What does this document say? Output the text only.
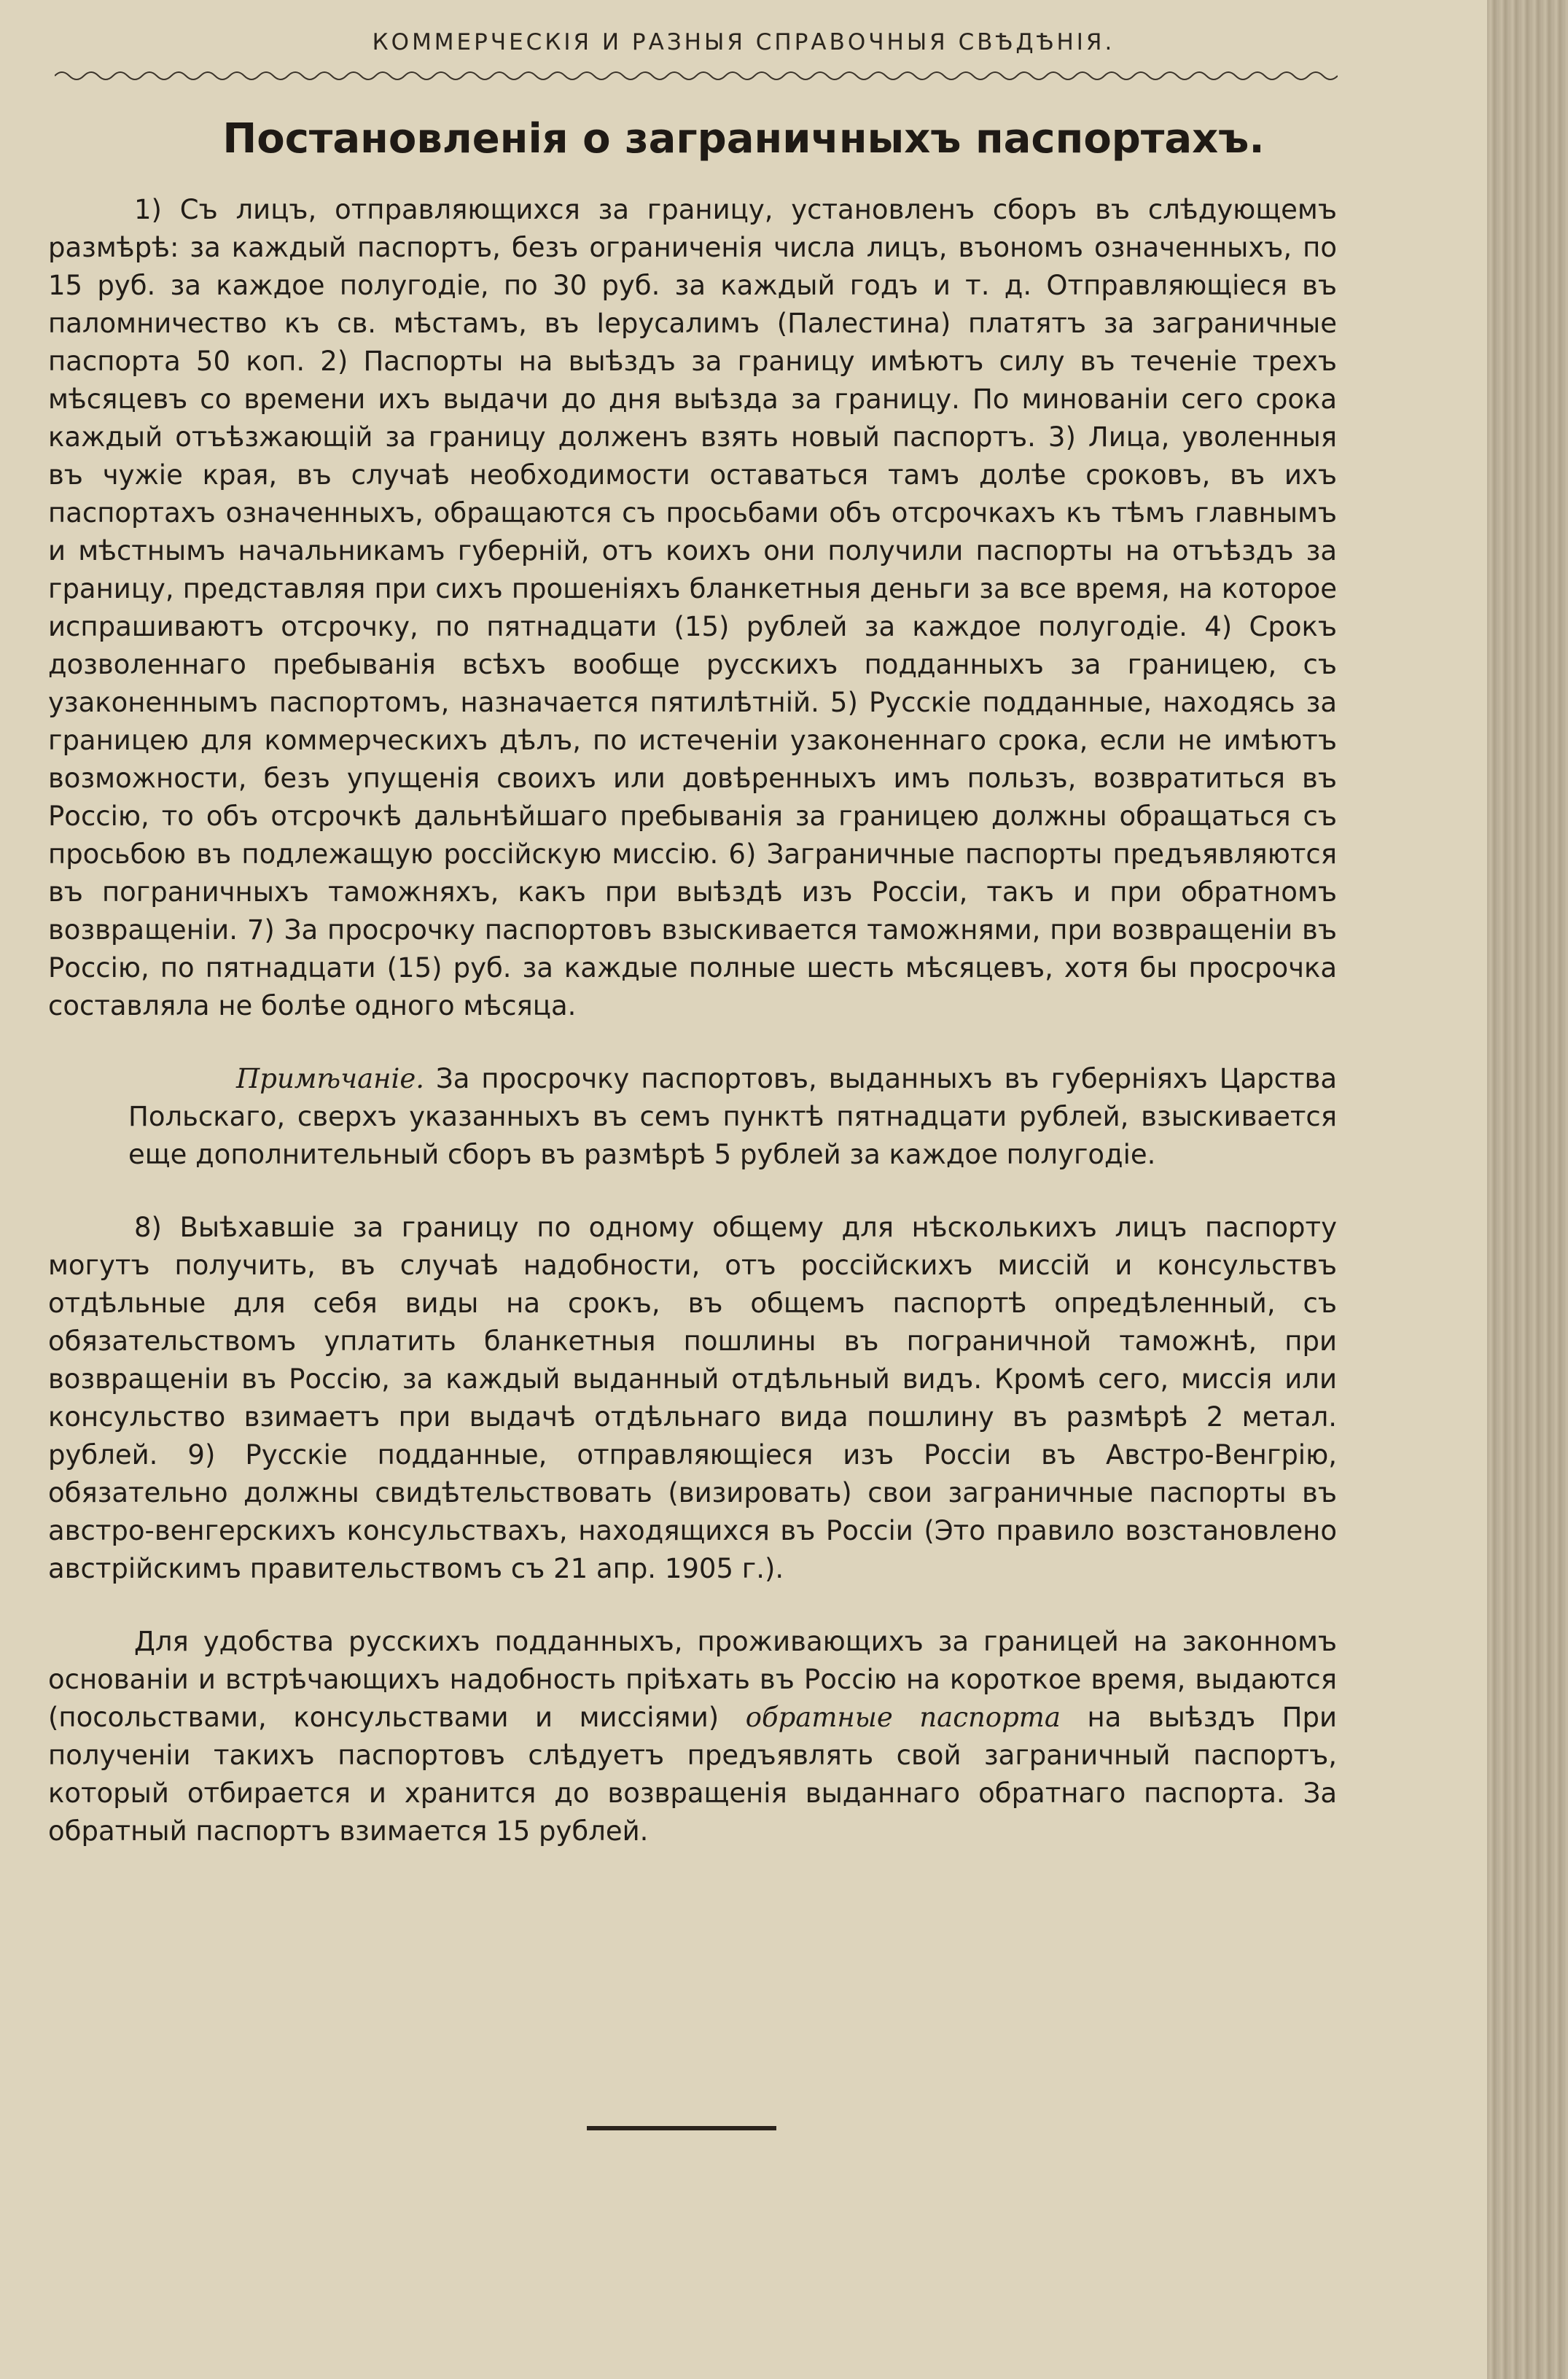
КОММЕРЧЕСКІЯ И РАЗНЫЯ СПРАВОЧНЫЯ СВѢДѢНІЯ.
Постановленія о заграничныхъ паспортахъ.

1) Съ лицъ, отправляющихся за границу, установленъ сборъ въ слѣдующемъ размѣрѣ: за каждый паспортъ, безъ ограниченія числа лицъ, въономъ означенныхъ, по 15 руб. за каждое полугодіе, по 30 руб. за каждый годъ и т. д. Отправляющіеся въ паломничество къ св. мѣстамъ, въ Іерусалимъ (Палестина) платятъ за заграничные паспорта 50 коп. 2) Паспорты на выѣздъ за границу имѣютъ силу въ теченіе трехъ мѣсяцевъ со времени ихъ выдачи до дня выѣзда за границу. По минованіи сего срока каждый отъѣзжающій за границу долженъ взять новый паспортъ. 3) Лица, уволенныя въ чужіе края, въ случаѣ необходимости оставаться тамъ долѣе сроковъ, въ ихъ паспортахъ означенныхъ, обращаются съ просьбами объ отсрочкахъ къ тѣмъ главнымъ и мѣстнымъ начальникамъ губерній, отъ коихъ они получили паспорты на отъѣздъ за границу, представляя при сихъ прошеніяхъ бланкетныя деньги за все время, на которое испрашиваютъ отсрочку, по пятнадцати (15) рублей за каждое полугодіе. 4) Срокъ дозволеннаго пребыванія всѣхъ вообще русскихъ подданныхъ за границею, съ узаконеннымъ паспортомъ, назначается пятилѣтній. 5) Русскіе подданные, находясь за границею для коммерческихъ дѣлъ, по истеченіи узаконеннаго срока, если не имѣютъ возможности, безъ упущенія своихъ или довѣренныхъ имъ пользъ, возвратиться въ Россію, то объ отсрочкѣ дальнѣйшаго пребыванія за границею должны обращаться съ просьбою въ подлежащую россійскую миссію. 6) Заграничные паспорты предъявляются въ пограничныхъ таможняхъ, какъ при выѣздѣ изъ Россіи, такъ и при обратномъ возвращеніи. 7) За просрочку паспортовъ взыскивается таможнями, при возвращеніи въ Россію, по пятнадцати (15) руб. за каждые полные шесть мѣсяцевъ, хотя бы просрочка составляла не болѣе одного мѣсяца.

Примѣчаніе. За просрочку паспортовъ, выданныхъ въ губерніяхъ Царства Польскаго, сверхъ указанныхъ въ семъ пунктѣ пятнадцати рублей, взыскивается еще дополнительный сборъ въ размѣрѣ 5 рублей за каждое полугодіе.

8) Выѣхавшіе за границу по одному общему для нѣсколькихъ лицъ паспорту могутъ получить, въ случаѣ надобности, отъ россійскихъ миссій и консульствъ отдѣльные для себя виды на срокъ, въ общемъ паспортѣ опредѣленный, съ обязательствомъ уплатить бланкетныя пошлины въ пограничной таможнѣ, при возвращеніи въ Россію, за каждый выданный отдѣльный видъ. Кромѣ сего, миссія или консульство взимаетъ при выдачѣ отдѣльнаго вида пошлину въ размѣрѣ 2 метал. рублей. 9) Русскіе подданные, отправляющіеся изъ Россіи въ Австро-Венгрію, обязательно должны свидѣтельствовать (визировать) свои заграничные паспорты въ австро-венгерскихъ консульствахъ, находящихся въ Россіи (Это правило возстановлено австрійскимъ правительствомъ съ 21 апр. 1905 г.).

Для удобства русскихъ подданныхъ, проживающихъ за границей на законномъ основаніи и встрѣчающихъ надобность пріѣхать въ Россію на короткое время, выдаются (посольствами, консульствами и миссіями) обратные паспорта на выѣздъ При полученіи такихъ паспортовъ слѣдуетъ предъявлять свой заграничный паспортъ, который отбирается и хранится до возвращенія выданнаго обратнаго паспорта. За обратный паспортъ взимается 15 рублей.
